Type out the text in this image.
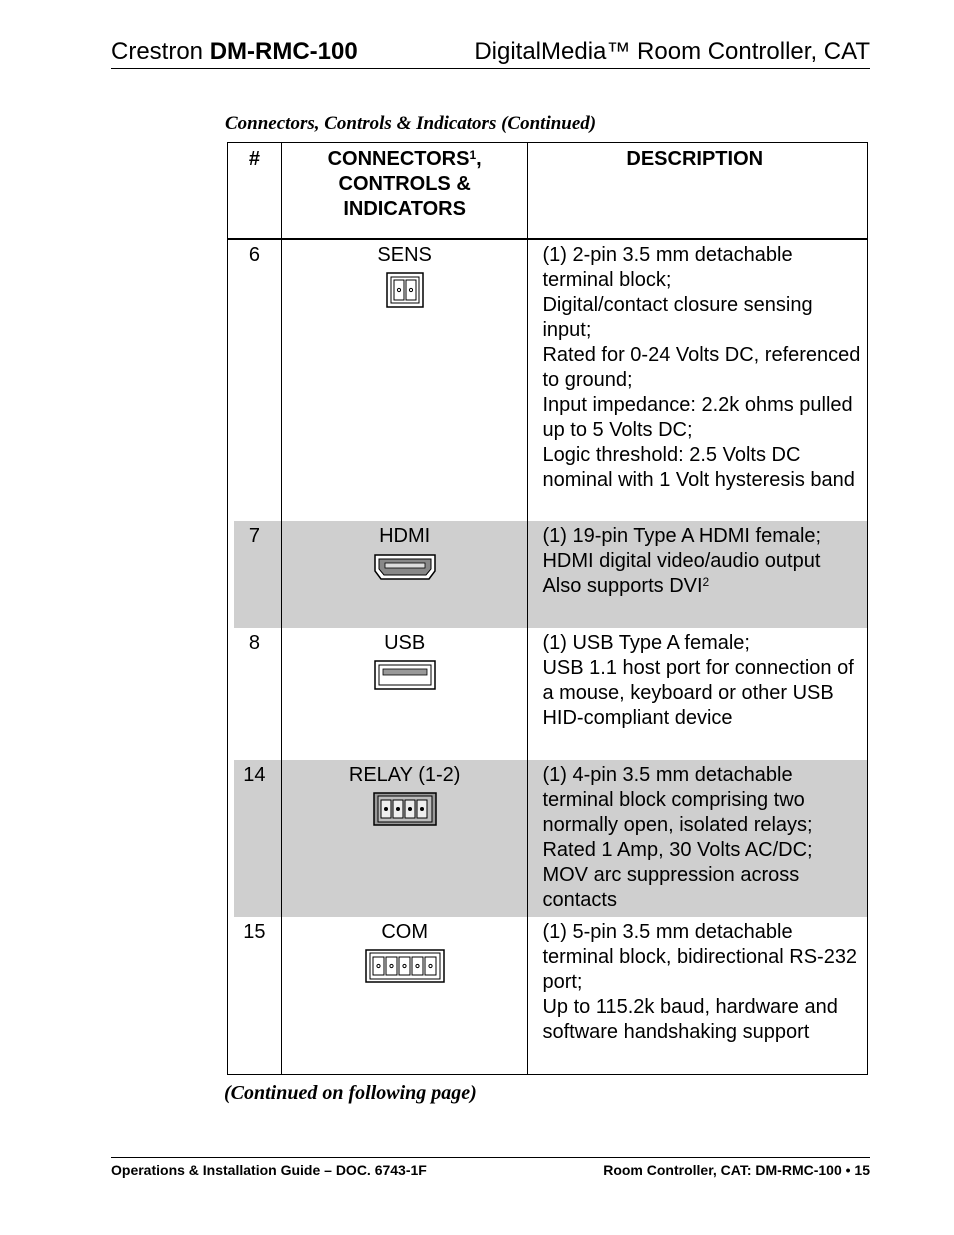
Crestron DM-RMC-100	DigitalMedia™ Room Controller, CAT
Connectors, Controls & Indicators (Continued)
#	CONNECTORS$^1$, CONTROLS & INDICATORS	DESCRIPTION
6	SENS	(1) 2-pin 3.5 mm detachable terminal block;
Digital/contact closure sensing input;
Rated for 0-24 Volts DC, referenced to ground;
Input impedance: 2.2k ohms pulled up to 5 Volts DC;
Logic threshold: 2.5 Volts DC nominal with 1 Volt hysteresis band

7	HDMI	(1) 19-pin Type A HDMI female;
HDMI digital video/audio output
Also supports DVI$^2$

8	USB	(1) USB Type A female;
USB 1.1 host port for connection of a mouse, keyboard or other USB HID-compliant device

14	RELAY (1-2)	(1) 4-pin 3.5 mm detachable terminal block comprising two normally open, isolated relays;
Rated 1 Amp, 30 Volts AC/DC;
MOV arc suppression across contacts

15	COM	(1) 5-pin 3.5 mm detachable terminal block, bidirectional RS-232 port;
Up to 115.2k baud, hardware and software handshaking support
(Continued on following page)
Operations & Installation Guide – DOC. 6743-1F	Room Controller, CAT: DM-RMC-100 • 15
